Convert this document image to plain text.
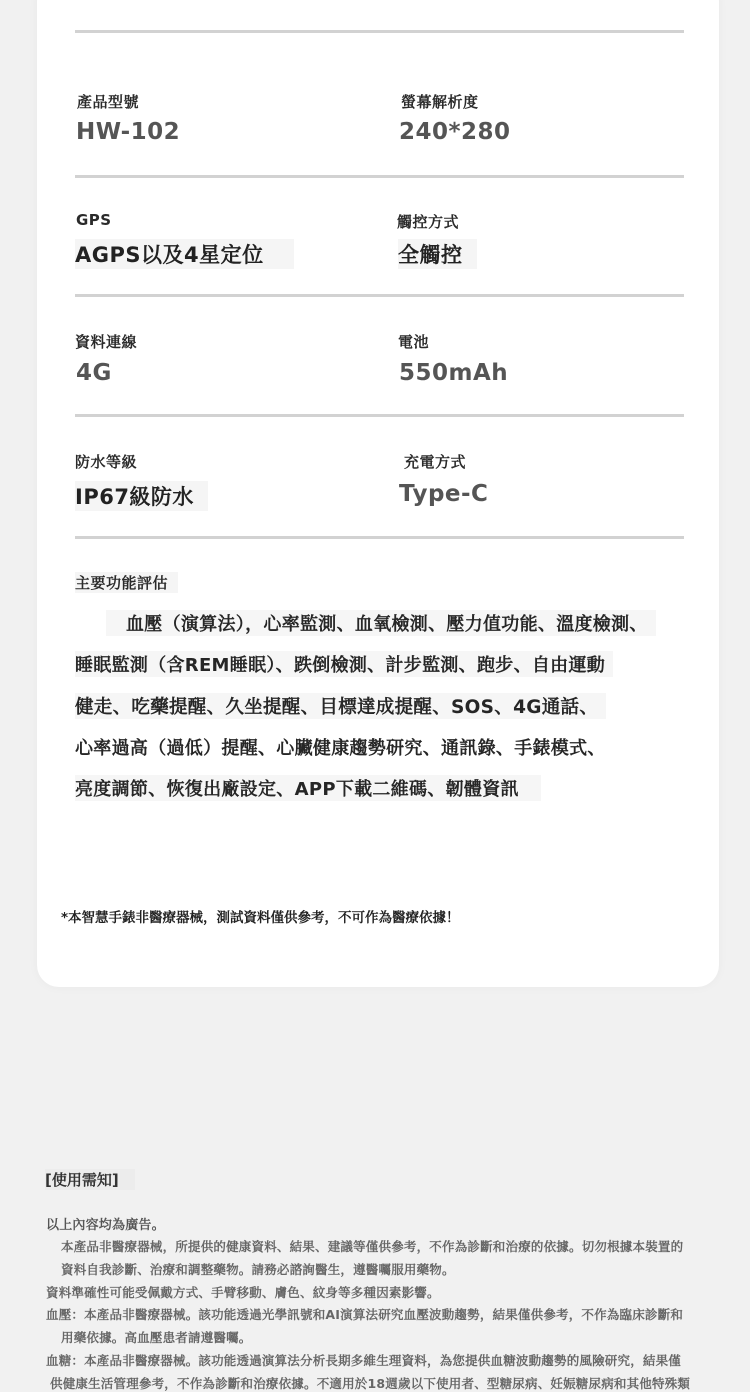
產品型號
HW-102
螢幕解析度
240*280
GPS
AGPS以及4星定位
觸控方式
全觸控
資料連線
4G
電池
550mAh
防水等級
IP67級防水
充電方式
Type-C
主要功能評估
血壓（演算法），心率監測、血氧檢測、壓力值功能、溫度檢測、
睡眠監測（含REM睡眠）、跌倒檢測、計步監測、跑步、自由運動
健走、吃藥提醒、久坐提醒、目標達成提醒、SOS、4G通話、
心率過高（過低）提醒、心臟健康趨勢研究、通訊錄、手錶模式、
亮度調節、恢復出廠設定、APP下載二維碼、韌體資訊
*本智慧手錶非醫療器械，測試資料僅供參考，不可作為醫療依據！
[使用需知]
以上內容均為廣告。
本產品非醫療器械，所提供的健康資料、結果、建議等僅供參考，不作為診斷和治療的依據。切勿根據本裝置的
資料自我診斷、治療和調整藥物。請務必諮詢醫生，遵醫囑服用藥物。
資料準確性可能受佩戴方式、手臂移動、膚色、紋身等多種因素影響。
血壓：本產品非醫療器械。該功能透過光學訊號和AI演算法研究血壓波動趨勢，結果僅供參考，不作為臨床診斷和
用藥依據。高血壓患者請遵醫囑。
血糖：本產品非醫療器械。該功能透過演算法分析長期多維生理資料，為您提供血糖波動趨勢的風險研究，結果僅
供健康生活管理參考，不作為診斷和治療依據。不適用於18週歲以下使用者、型糖尿病、妊娠糖尿病和其他特殊類
